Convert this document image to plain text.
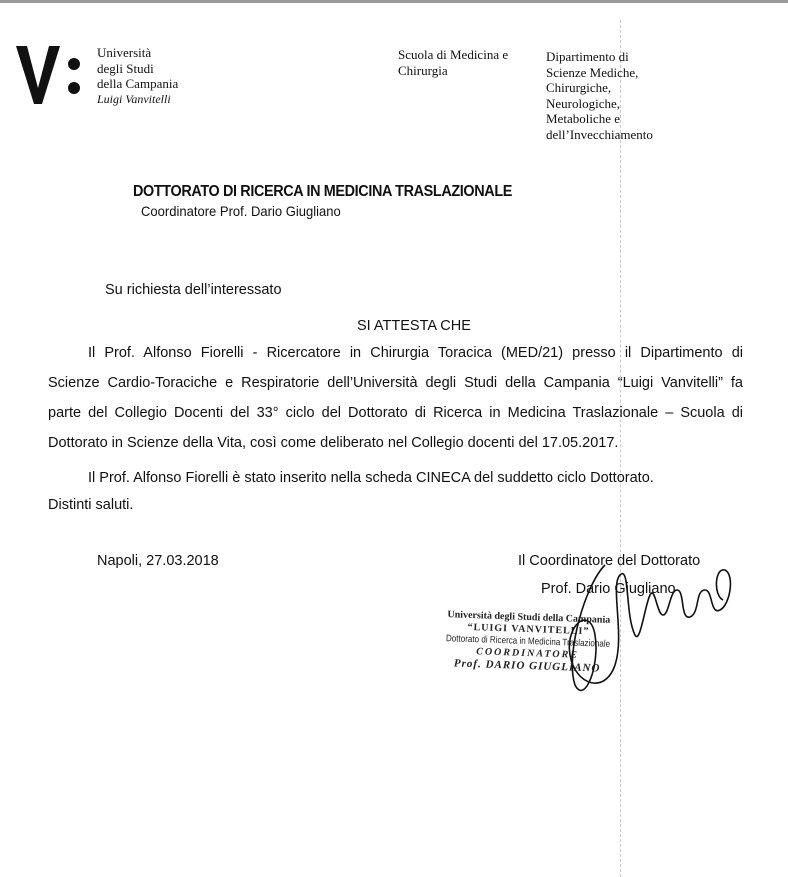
Università
degli Studi
della Campania
Luigi Vanvitelli
Scuola di Medicina e
Chirurgia
Dipartimento di
Scienze Mediche,
Chirurgiche,
Neurologiche,
Metaboliche e
dell’Invecchiamento
DOTTORATO DI RICERCA IN MEDICINA TRASLAZIONALE
Coordinatore Prof. Dario Giugliano
Su richiesta dell’interessato
SI ATTESTA CHE
Il Prof. Alfonso Fiorelli - Ricercatore in Chirurgia Toracica (MED/21) presso il Dipartimento di
Scienze Cardio-Toraciche e Respiratorie dell’Università degli Studi della Campania “Luigi Vanvitelli” fa
parte del Collegio Docenti del 33° ciclo del Dottorato di Ricerca in Medicina Traslazionale – Scuola di
Dottorato in Scienze della Vita, così come deliberato nel Collegio docenti del 17.05.2017.
Il Prof. Alfonso Fiorelli è stato inserito nella scheda CINECA del suddetto ciclo Dottorato.
Distinti saluti.
Napoli, 27.03.2018	Il Coordinatore del Dottorato
Prof. Dario Giugliano
Università degli Studi della Campania
“LUIGI VANVITELLI”
Dottorato di Ricerca in Medicina Traslazionale
COORDINATORE
Prof. DARIO GIUGLIANO
